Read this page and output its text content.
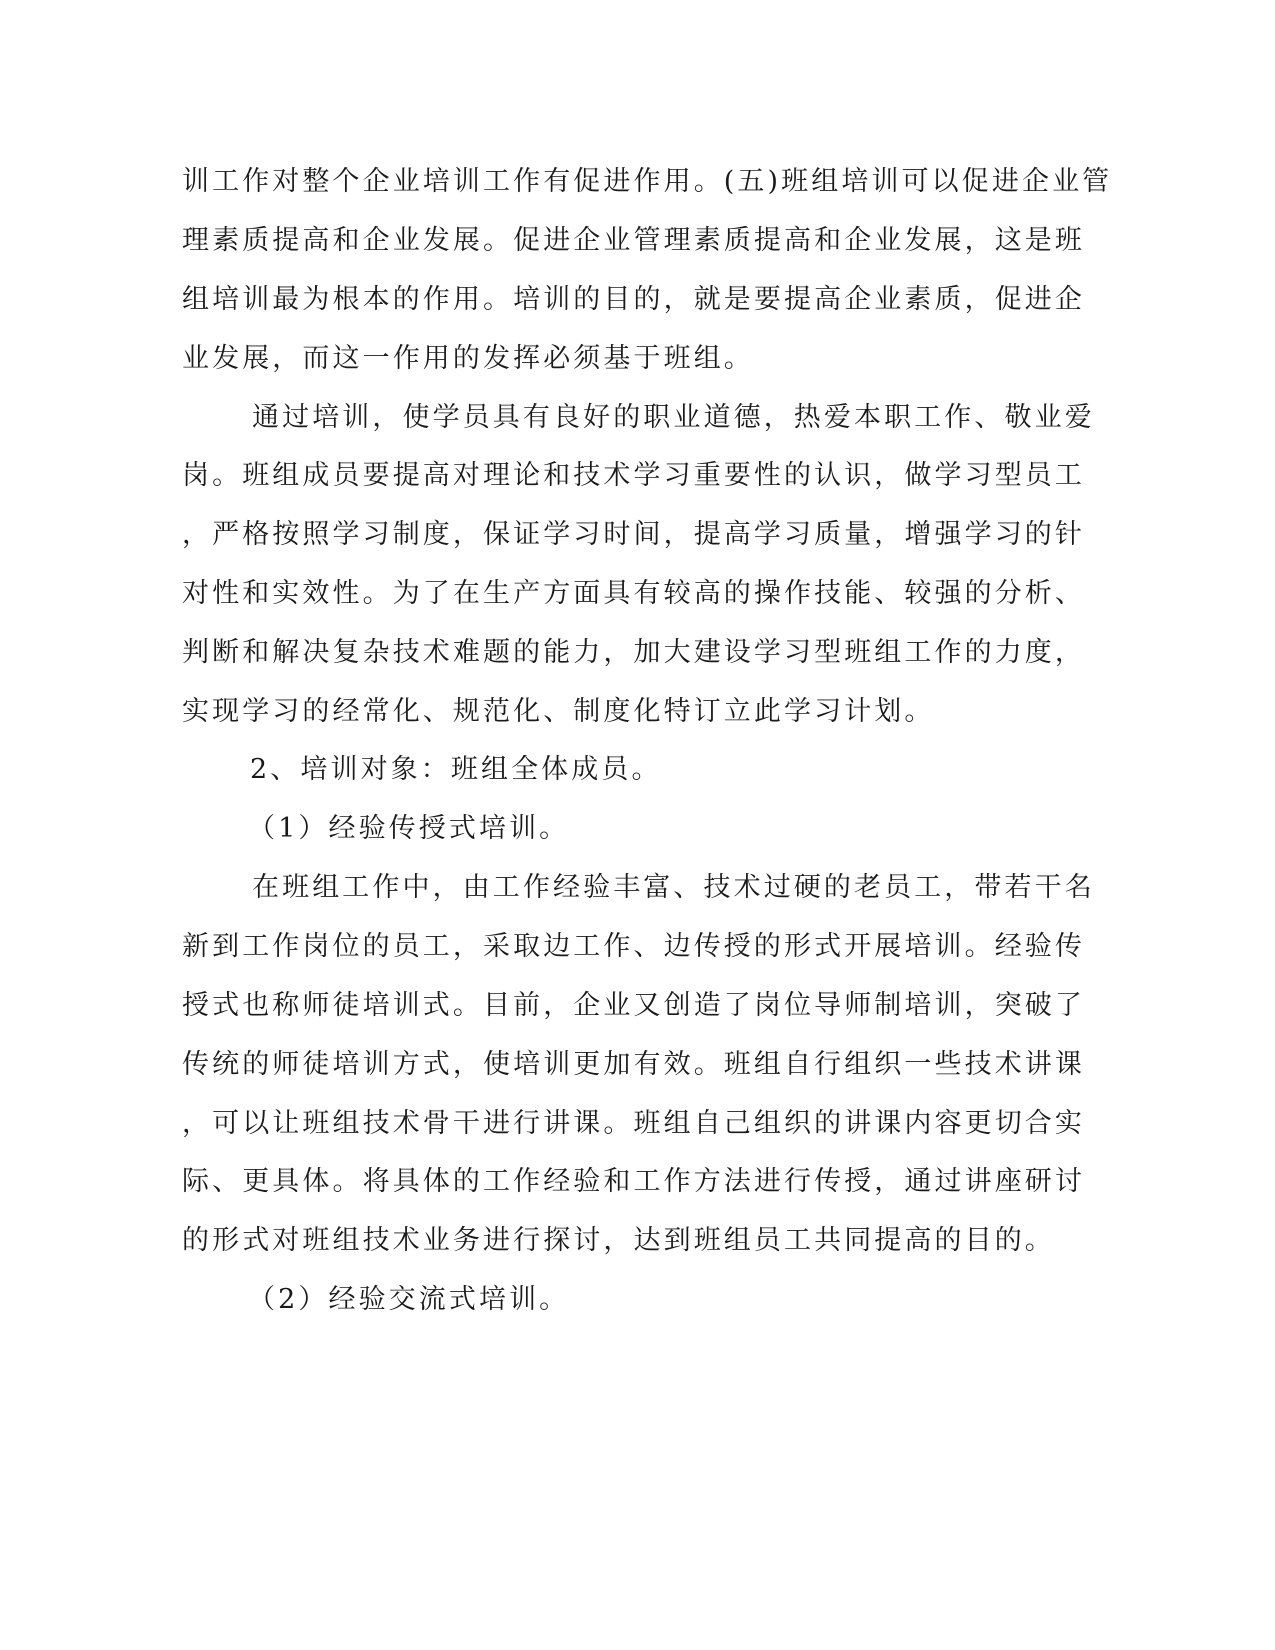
训工作对整个企业培训工作有促进作用。(五)班组培训可以促进企业管
理素质提高和企业发展。促进企业管理素质提高和企业发展，这是班
组培训最为根本的作用。培训的目的，就是要提高企业素质，促进企
业发展，而这一作用的发挥必须基于班组。
通过培训，使学员具有良好的职业道德，热爱本职工作、敬业爱
岗。班组成员要提高对理论和技术学习重要性的认识，做学习型员工
，严格按照学习制度，保证学习时间，提高学习质量，增强学习的针
对性和实效性。为了在生产方面具有较高的操作技能、较强的分析、
判断和解决复杂技术难题的能力，加大建设学习型班组工作的力度，
实现学习的经常化、规范化、制度化特订立此学习计划。
2、培训对象：班组全体成员。
（1）经验传授式培训。
在班组工作中，由工作经验丰富、技术过硬的老员工，带若干名
新到工作岗位的员工，采取边工作、边传授的形式开展培训。经验传
授式也称师徒培训式。目前，企业又创造了岗位导师制培训，突破了
传统的师徒培训方式，使培训更加有效。班组自行组织一些技术讲课
，可以让班组技术骨干进行讲课。班组自己组织的讲课内容更切合实
际、更具体。将具体的工作经验和工作方法进行传授，通过讲座研讨
的形式对班组技术业务进行探讨，达到班组员工共同提高的目的。
（2）经验交流式培训。
